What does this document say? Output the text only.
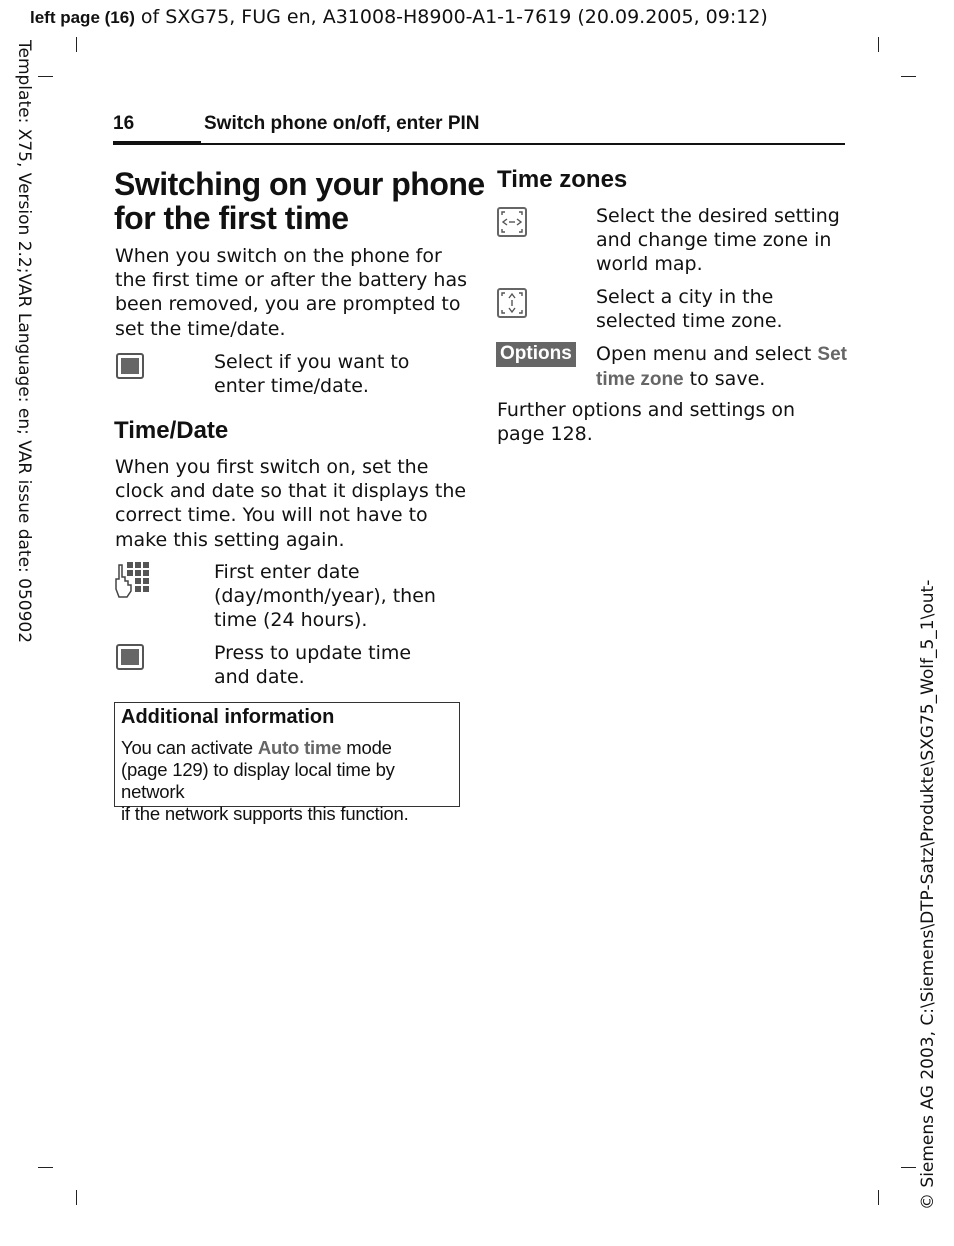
left page (16) of SXG75, FUG en, A31008-H8900-A1-1-7619 (20.09.2005, 09:12)
Template: X75, Version 2.2;VAR Language: en; VAR issue date: 050902
© Siemens AG 2003, C:\Siemens\DTP-Satz\Produkte\SXG75_Wolf_5_1\out-
16	Switch phone on/off, enter PIN
Switching on your phone
for the first time
When you switch on the phone for
the first time or after the battery has
been removed, you are prompted to
set the time/date.
Select if you want to
enter time/date.
Time/Date
When you first switch on, set the
clock and date so that it displays the
correct time. You will not have to
make this setting again.
First enter date
(day/month/year), then
time (24 hours).
Press to update time
and date.
Additional information
You can activate Auto time mode
(page 129) to display local time by network
if the network supports this function.
Time zones
Select the desired setting
and change time zone in
world map.
Select a city in the
selected time zone.
Options Open menu and select Set
time zone to save.
Further options and settings on
page 128.
